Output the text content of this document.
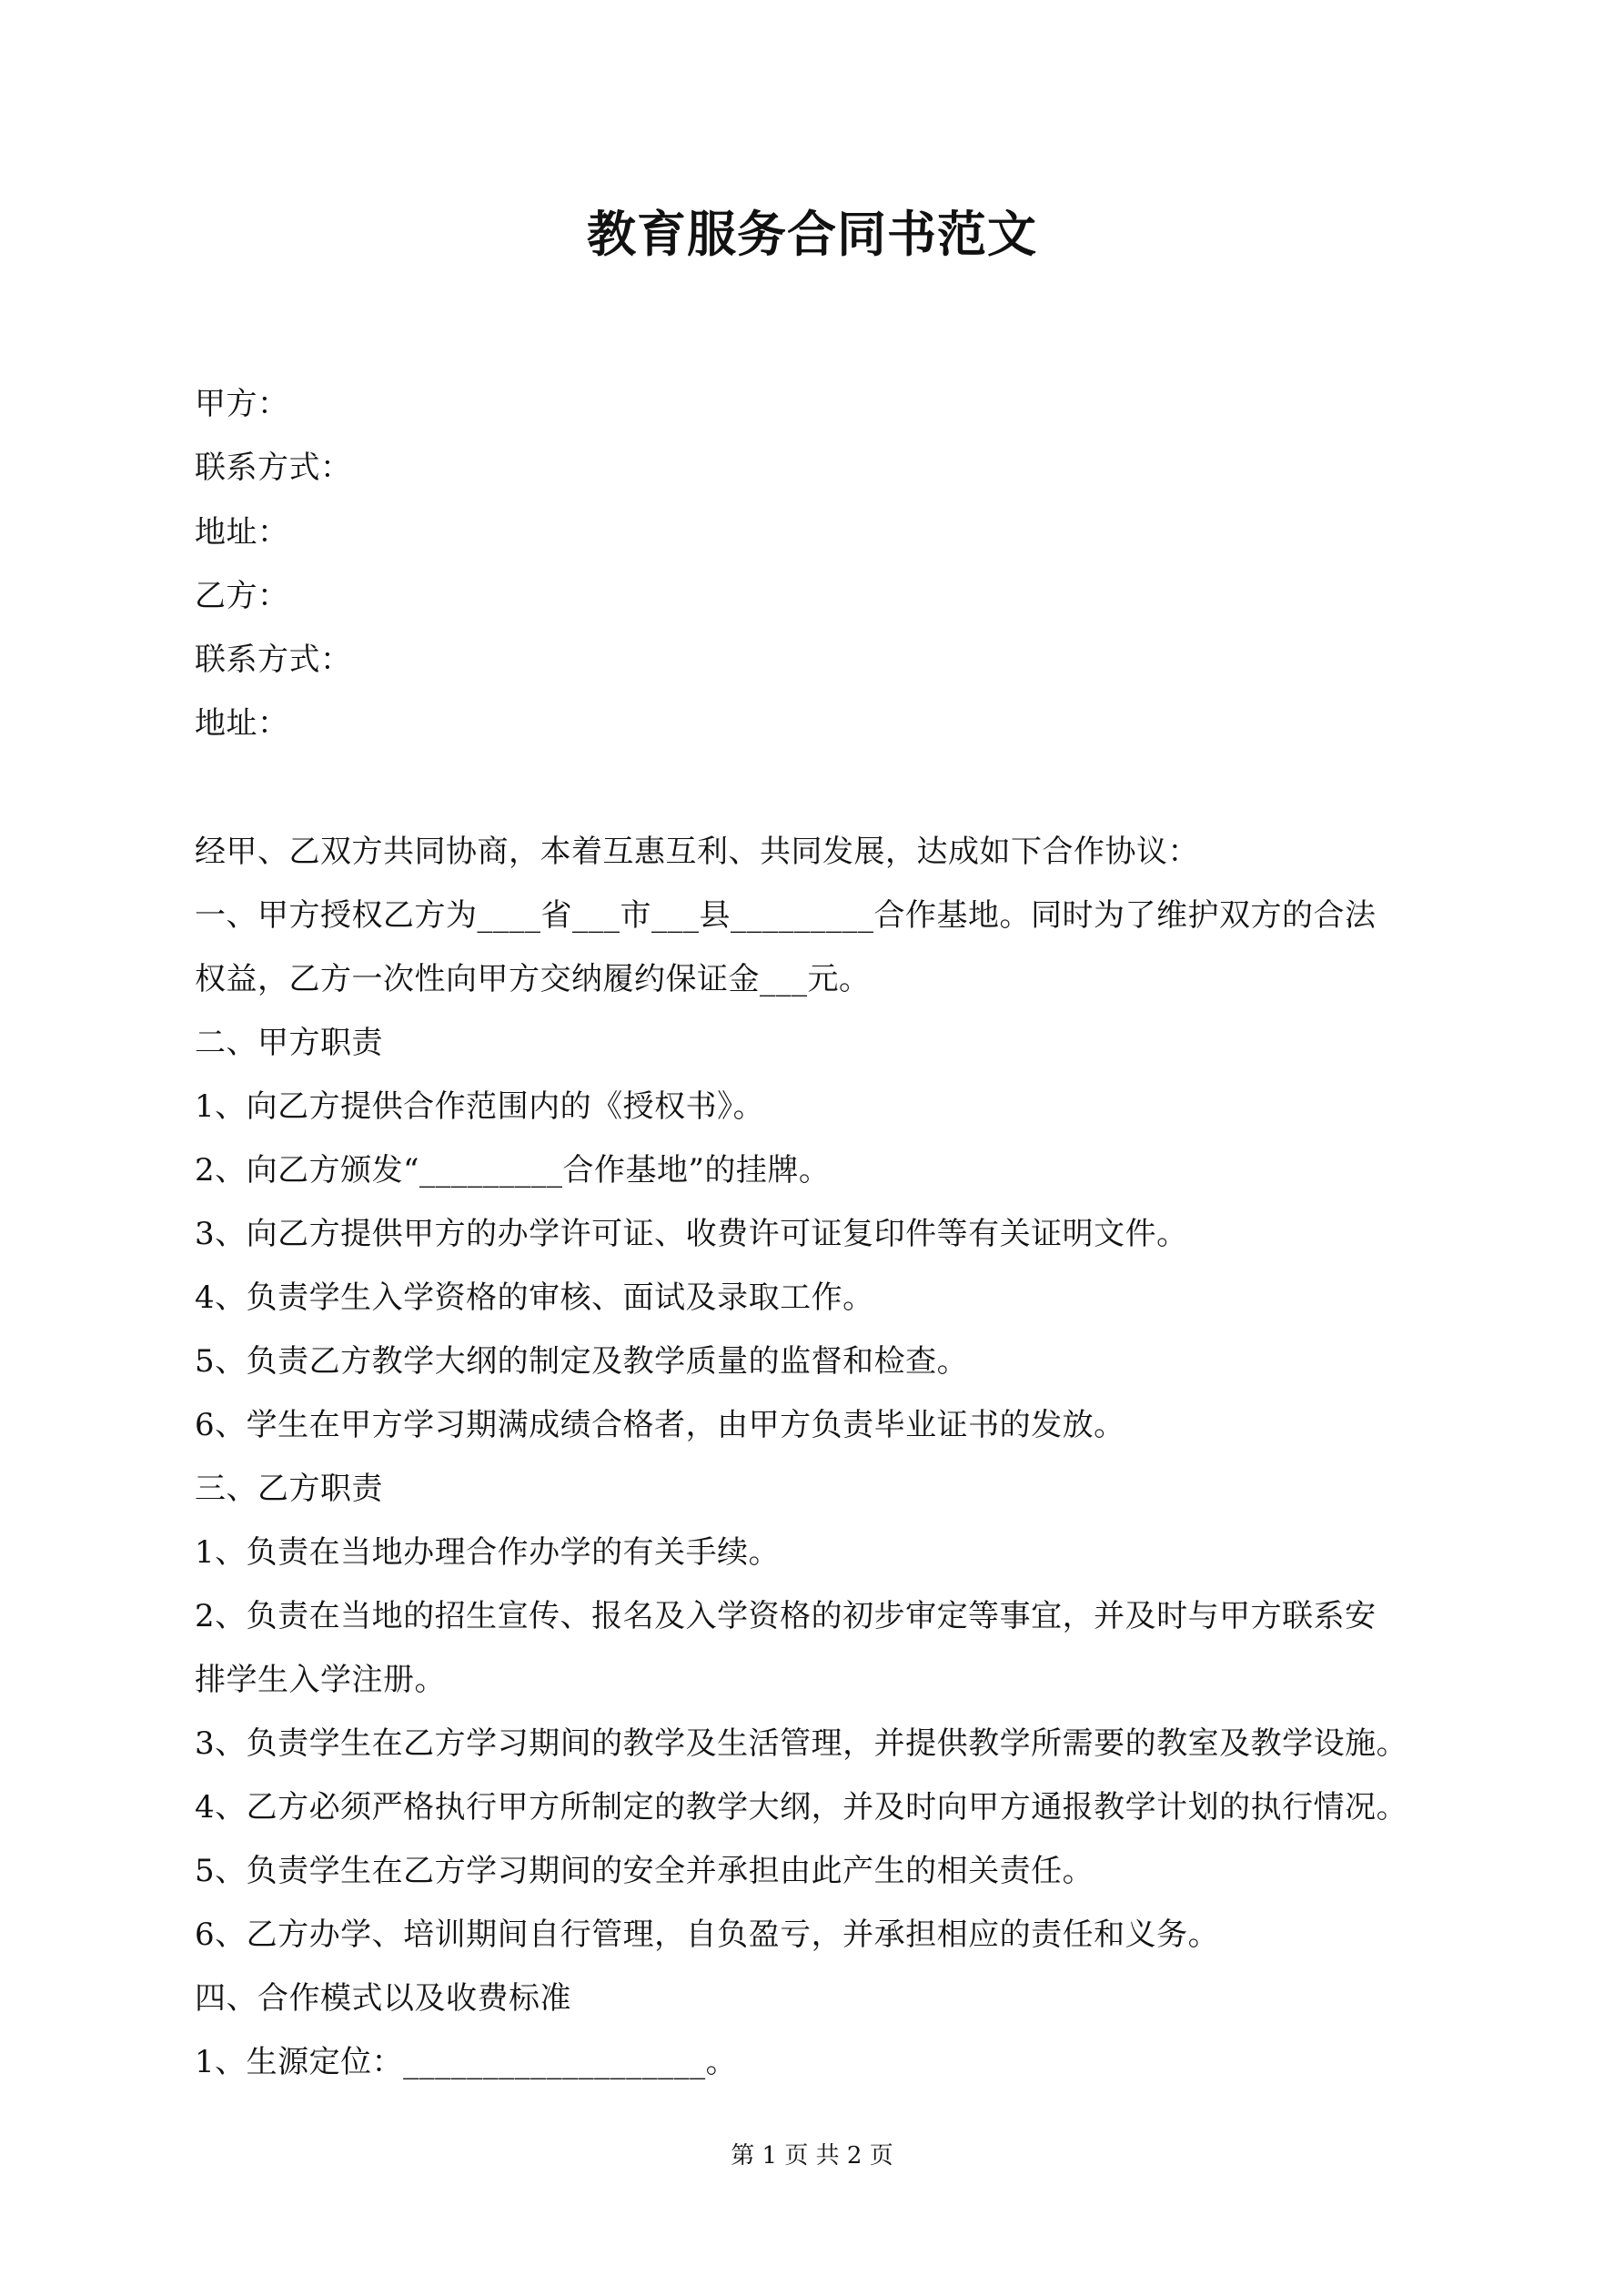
教育服务合同书范文
甲方：
联系方式：
地址：
乙方：
联系方式：
地址：
经甲、乙双方共同协商，本着互惠互利、共同发展，达成如下合作协议：
一、甲方授权乙方为____省___市___县_________合作基地。同时为了维护双方的合法
权益，乙方一次性向甲方交纳履约保证金___元。
二、甲方职责
1、向乙方提供合作范围内的《授权书》。
2、向乙方颁发“_________合作基地”的挂牌。
3、向乙方提供甲方的办学许可证、收费许可证复印件等有关证明文件。
4、负责学生入学资格的审核、面试及录取工作。
5、负责乙方教学大纲的制定及教学质量的监督和检查。
6、学生在甲方学习期满成绩合格者，由甲方负责毕业证书的发放。
三、乙方职责
1、负责在当地办理合作办学的有关手续。
2、负责在当地的招生宣传、报名及入学资格的初步审定等事宜，并及时与甲方联系安
排学生入学注册。
3、负责学生在乙方学习期间的教学及生活管理，并提供教学所需要的教室及教学设施。
4、乙方必须严格执行甲方所制定的教学大纲，并及时向甲方通报教学计划的执行情况。
5、负责学生在乙方学习期间的安全并承担由此产生的相关责任。
6、乙方办学、培训期间自行管理，自负盈亏，并承担相应的责任和义务。
四、合作模式以及收费标准
1、生源定位：___________________。
第 1 页 共 2 页
